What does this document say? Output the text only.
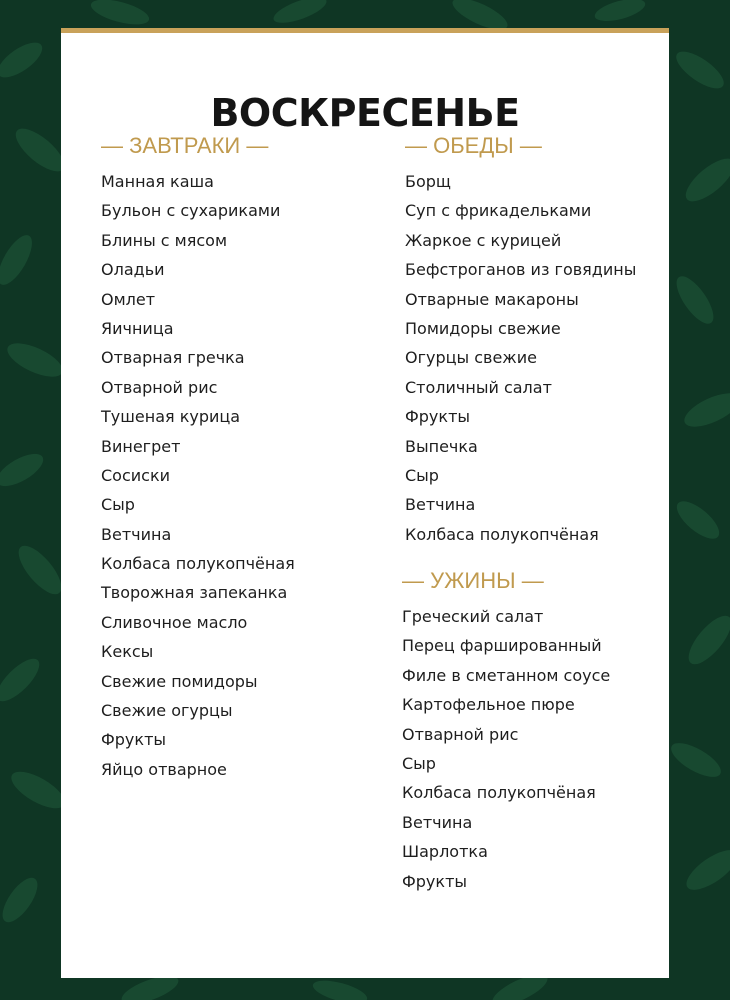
ВОСКРЕСЕНЬЕ
— ЗАВТРАКИ —
Манная каша
Бульон с сухариками
Блины с мясом
Оладьи
Омлет
Яичница
Отварная гречка
Отварной рис
Тушеная курица
Винегрет
Сосиски
Сыр
Ветчина
Колбаса полукопчёная
Творожная запеканка
Сливочное масло
Кексы
Свежие помидоры
Свежие огурцы
Фрукты
Яйцо отварное
— ОБЕДЫ —
Борщ
Суп с фрикадельками
Жаркое с курицей
Бефстроганов из говядины
Отварные макароны
Помидоры свежие
Огурцы свежие
Столичный салат
Фрукты
Выпечка
Сыр
Ветчина
Колбаса полукопчёная
— УЖИНЫ —
Греческий салат
Перец фаршированный
Филе в сметанном соусе
Картофельное пюре
Отварной рис
Сыр
Колбаса полукопчёная
Ветчина
Шарлотка
Фрукты
